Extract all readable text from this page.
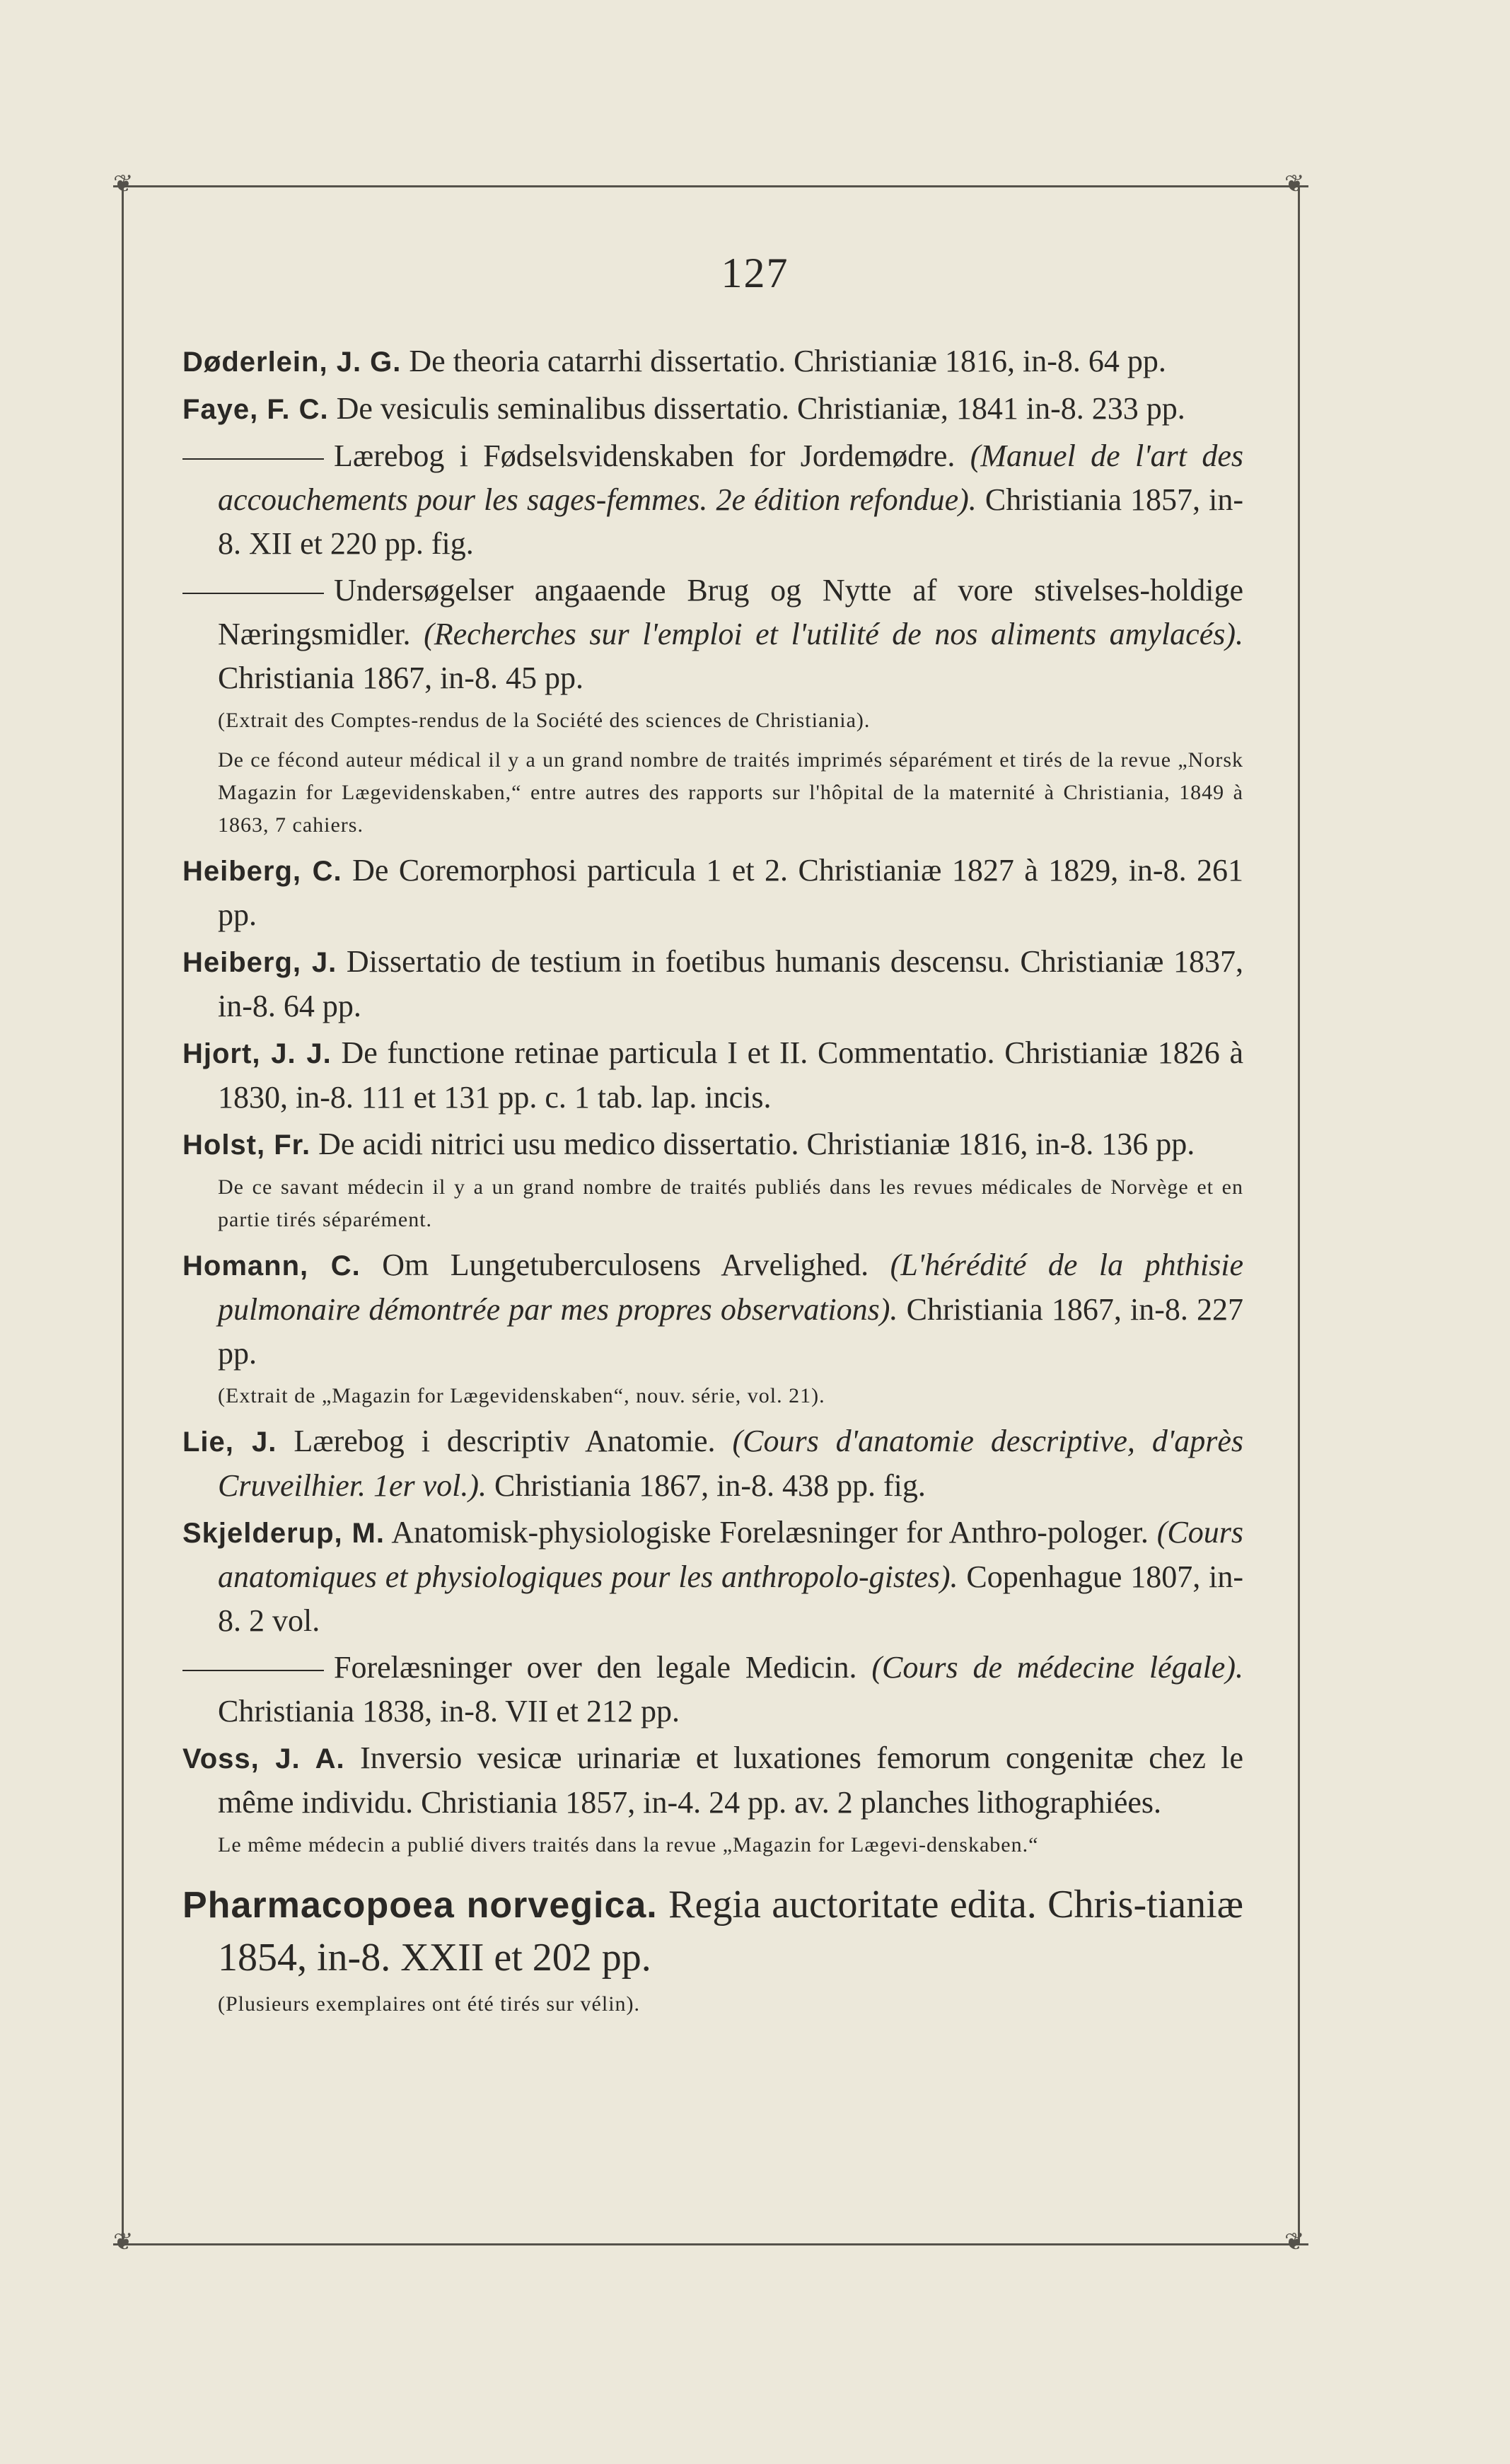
❦	❦
❦	❦
127

Døderlein, J. G. De theoria catarrhi dissertatio. Christianiæ 1816, in-8. 64 pp.

Faye, F. C. De vesiculis seminalibus dissertatio. Christianiæ, 1841 in-8. 233 pp.

Lærebog i Fødselsvidenskaben for Jordemødre. (Manuel de l'art des accouchements pour les sages-femmes. 2e édition refondue). Christiania 1857, in-8. XII et 220 pp. fig.

Undersøgelser angaaende Brug og Nytte af vore stivelses-holdige Næringsmidler. (Recherches sur l'emploi et l'utilité de nos aliments amylacés). Christiania 1867, in-8. 45 pp.

(Extrait des Comptes-rendus de la Société des sciences de Christiania).

De ce fécond auteur médical il y a un grand nombre de traités imprimés séparément et tirés de la revue „Norsk Magazin for Lægevidenskaben,“ entre autres des rapports sur l'hôpital de la maternité à Christiania, 1849 à 1863, 7 cahiers.

Heiberg, C. De Coremorphosi particula 1 et 2. Christianiæ 1827 à 1829, in-8. 261 pp.

Heiberg, J. Dissertatio de testium in foetibus humanis descensu. Christianiæ 1837, in-8. 64 pp.

Hjort, J. J. De functione retinae particula I et II. Commentatio. Christianiæ 1826 à 1830, in-8. 111 et 131 pp. c. 1 tab. lap. incis.

Holst, Fr. De acidi nitrici usu medico dissertatio. Christianiæ 1816, in-8. 136 pp.

De ce savant médecin il y a un grand nombre de traités publiés dans les revues médicales de Norvège et en partie tirés séparément.

Homann, C. Om Lungetuberculosens Arvelighed. (L'hérédité de la phthisie pulmonaire démontrée par mes propres observations). Christiania 1867, in-8. 227 pp.

(Extrait de „Magazin for Lægevidenskaben“, nouv. série, vol. 21).

Lie, J. Lærebog i descriptiv Anatomie. (Cours d'anatomie descriptive, d'après Cruveilhier. 1er vol.). Christiania 1867, in-8. 438 pp. fig.

Skjelderup, M. Anatomisk-physiologiske Forelæsninger for Anthro-pologer. (Cours anatomiques et physiologiques pour les anthropolo-gistes). Copenhague 1807, in-8. 2 vol.

Forelæsninger over den legale Medicin. (Cours de médecine légale). Christiania 1838, in-8. VII et 212 pp.

Voss, J. A. Inversio vesicæ urinariæ et luxationes femorum congenitæ chez le même individu. Christiania 1857, in-4. 24 pp. av. 2 planches lithographiées.

Le même médecin a publié divers traités dans la revue „Magazin for Lægevi-denskaben.“

Pharmacopoea norvegica. Regia auctoritate edita. Chris-tianiæ 1854, in-8. XXII et 202 pp.

(Plusieurs exemplaires ont été tirés sur vélin).
